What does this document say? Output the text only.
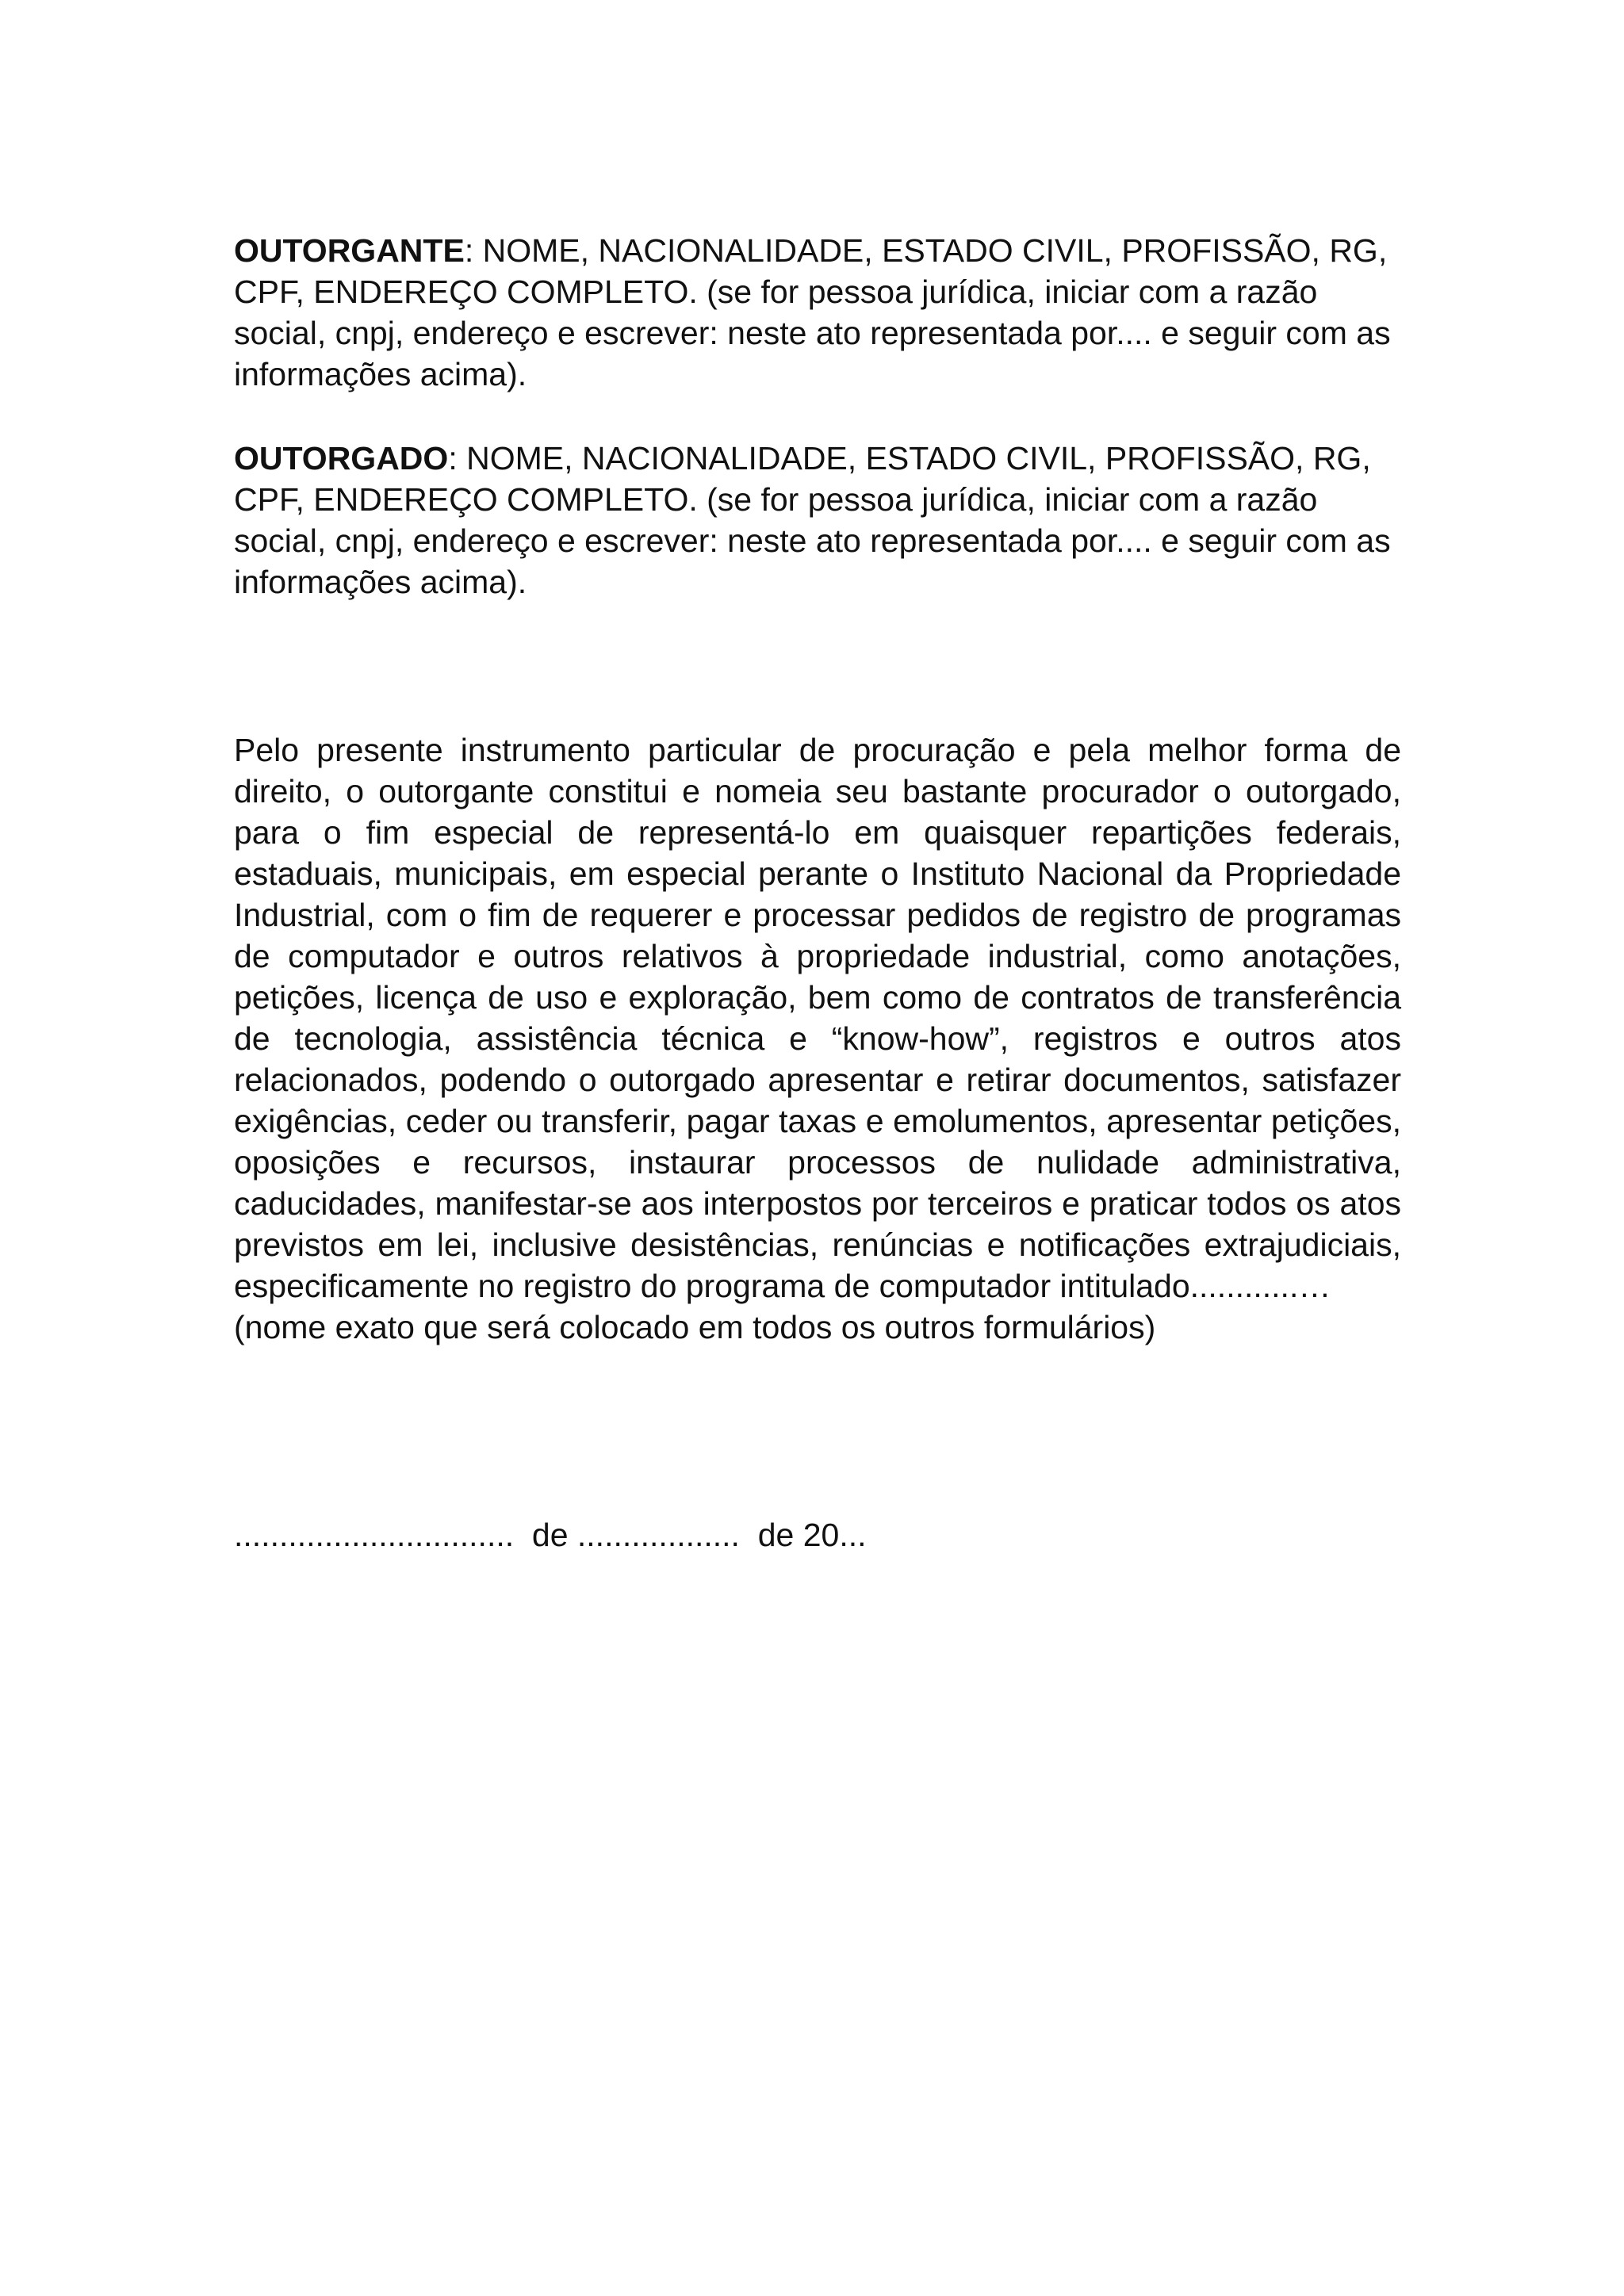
OUTORGANTE: NOME, NACIONALIDADE, ESTADO CIVIL, PROFISSÃO, RG, CPF, ENDEREÇO COMPLETO. (se for pessoa jurídica, iniciar com a razão social, cnpj, endereço e escrever: neste ato representada por.... e seguir com as informações acima).

OUTORGADO: NOME, NACIONALIDADE, ESTADO CIVIL, PROFISSÃO, RG, CPF, ENDEREÇO COMPLETO. (se for pessoa jurídica, iniciar com a razão social, cnpj, endereço e escrever: neste ato representada por.... e seguir com as informações acima).

Pelo presente instrumento particular de procuração e pela melhor forma de direito, o outorgante constitui e nomeia seu bastante procurador o outorgado, para o fim especial de representá-lo em quaisquer repartições federais, estaduais, municipais, em especial perante o Instituto Nacional da Propriedade Industrial, com o fim de requerer e processar pedidos de registro de programas de computador e outros relativos à propriedade industrial, como anotações, petições, licença de uso e exploração, bem como de contratos de transferência de tecnologia, assistência técnica e “know-how”, registros e outros atos relacionados, podendo o outorgado apresentar e retirar documentos, satisfazer exigências, ceder ou transferir, pagar taxas e emolumentos, apresentar petições, oposições e recursos, instaurar processos de nulidade administrativa, caducidades, manifestar-se aos interpostos por terceiros e praticar todos os atos previstos em lei, inclusive desistências, renúncias e notificações extrajudiciais, especificamente no registro do programa de computador intitulado............…
(nome exato que será colocado em todos os outros formulários)

...............................  de ..................  de 20...
